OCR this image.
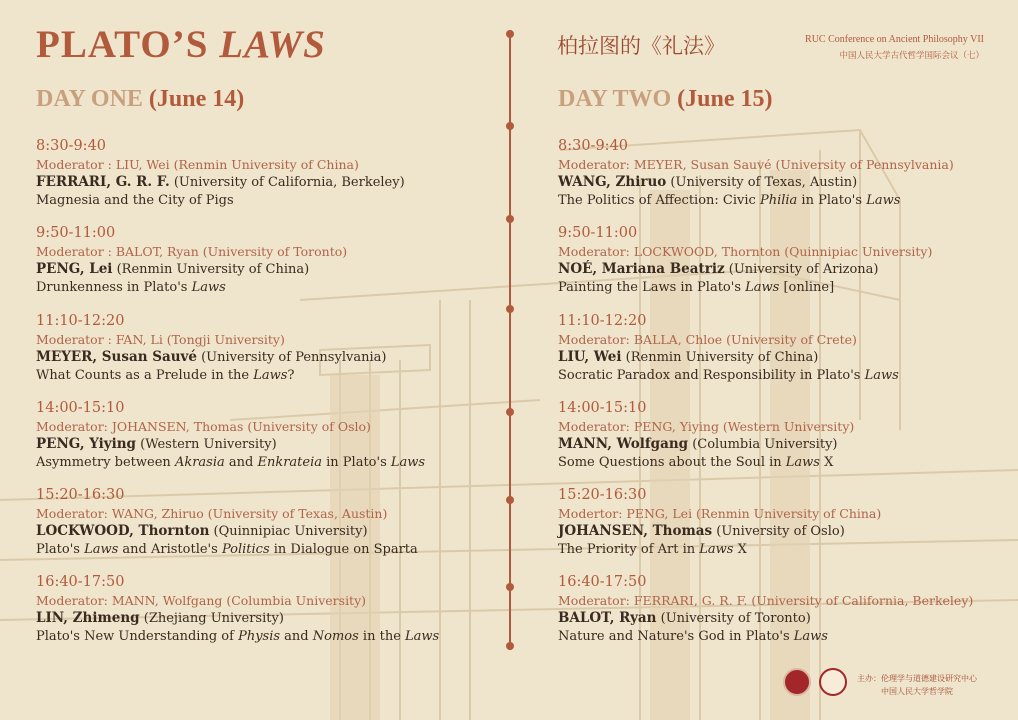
PLATO’S LAWS	柏拉图的《礼法》	RUC Conference on Ancient Philosophy VII
中国人民大学古代哲学国际会议（七）
DAY ONE (June 14)	DAY TWO (June 15)
8:30-9:40
Moderator : LIU, Wei (Renmin University of China)
FERRARI, G. R. F. (University of California, Berkeley)
Magnesia and the City of Pigs
9:50-11:00
Moderator : BALOT, Ryan (University of Toronto)
PENG, Lei (Renmin University of China)
Drunkenness in Plato's Laws
11:10-12:20
Moderator : FAN, Li (Tongji University)
MEYER, Susan Sauvé (University of Pennsylvania)
What Counts as a Prelude in the Laws?
14:00-15:10
Moderator: JOHANSEN, Thomas (University of Oslo)
PENG, Yiying (Western University)
Asymmetry between Akrasia and Enkrateia in Plato's Laws
15:20-16:30
Moderator: WANG, Zhiruo (University of Texas, Austin)
LOCKWOOD, Thornton (Quinnipiac University)
Plato's Laws and Aristotle's Politics in Dialogue on Sparta
16:40-17:50
Moderator: MANN, Wolfgang (Columbia University)
LIN, Zhimeng (Zhejiang University)
Plato's New Understanding of Physis and Nomos in the Laws
8:30-9:40
Moderator: MEYER, Susan Sauvé (University of Pennsylvania)
WANG, Zhiruo (University of Texas, Austin)
The Politics of Affection: Civic Philia in Plato's Laws
9:50-11:00
Moderator: LOCKWOOD, Thornton (Quinnipiac University)
NOÉ, Mariana Beatriz (University of Arizona)
Painting the Laws in Plato's Laws [online]
11:10-12:20
Moderator: BALLA, Chloe (University of Crete)
LIU, Wei (Renmin University of China)
Socratic Paradox and Responsibility in Plato's Laws
14:00-15:10
Moderator: PENG, Yiying (Western University)
MANN, Wolfgang (Columbia University)
Some Questions about the Soul in Laws X
15:20-16:30
Modertor: PENG, Lei (Renmin University of China)
JOHANSEN, Thomas (University of Oslo)
The Priority of Art in Laws X
16:40-17:50
Moderator: FERRARI, G. R. F. (University of California, Berkeley)
BALOT, Ryan (University of Toronto)
Nature and Nature's God in Plato's Laws
主办：伦理学与道德建设研究中心
中国人民大学哲学院
